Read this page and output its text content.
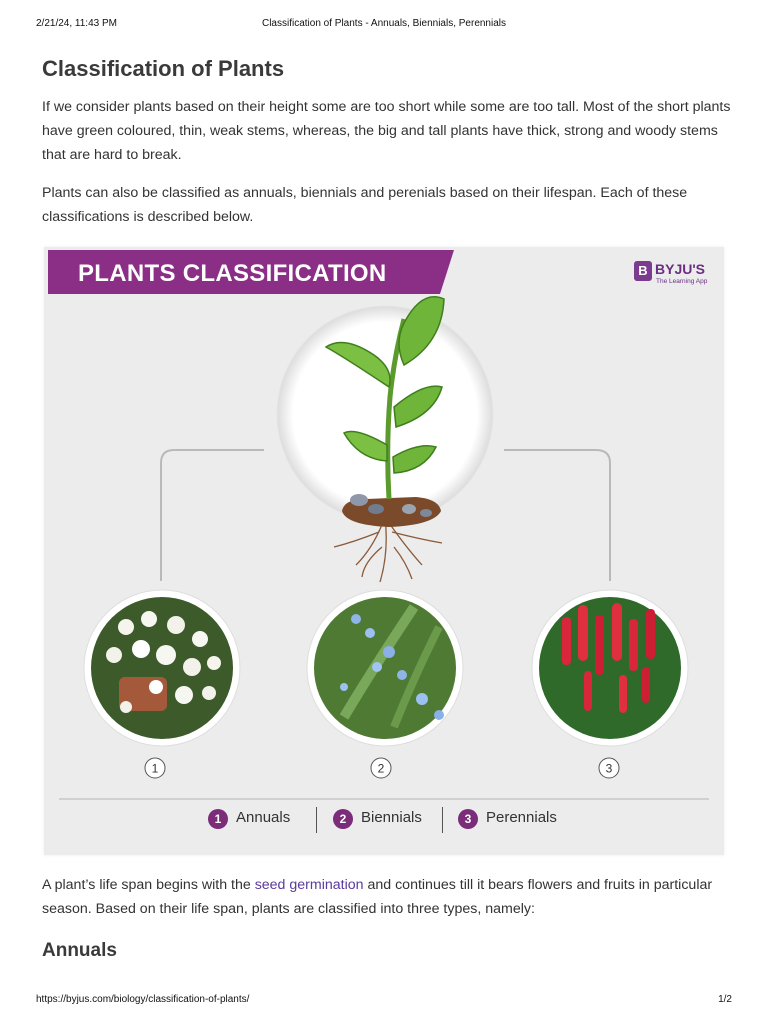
2/21/24, 11:43 PM	Classification of Plants - Annuals, Biennials, Perennials
Classification of Plants

If we consider plants based on their height some are too short while some are too tall. Most of the short plants have green coloured, thin, weak stems, whereas, the big and tall plants have thick, strong and woody stems that are hard to break.

Plants can also be classified as annuals, biennials and perenials based on their lifespan. Each of these classifications is described below.

1	2	3
PLANTS CLASSIFICATION	B BYJU'S
The Learning App
1 Annuals	2 Biennials	3 Perennials

A plant’s life span begins with the seed germination and continues till it bears flowers and fruits in particular season. Based on their life span, plants are classified into three types, namely:

Annuals
https://byjus.com/biology/classification-of-plants/	1/2
